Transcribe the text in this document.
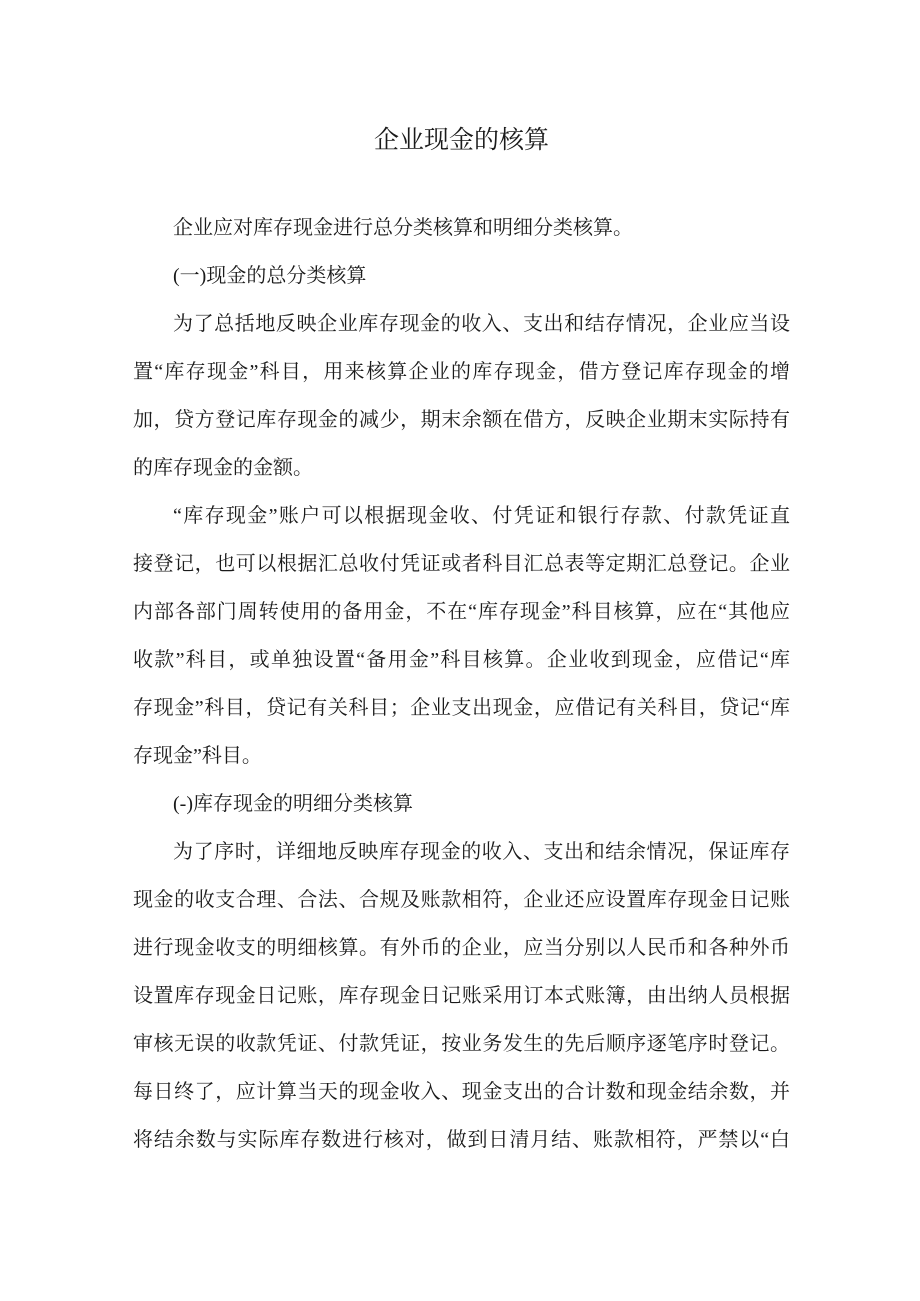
企业现金的核算

企业应对库存现金进行总分类核算和明细分类核算。

(一)现金的总分类核算

为了总括地反映企业库存现金的收入、支出和结存情况，企业应当设

置“库存现金”科目，用来核算企业的库存现金，借方登记库存现金的增

加，贷方登记库存现金的减少，期末余额在借方，反映企业期末实际持有

的库存现金的金额。

“库存现金”账户可以根据现金收、付凭证和银行存款、付款凭证直

接登记，也可以根据汇总收付凭证或者科目汇总表等定期汇总登记。企业

内部各部门周转使用的备用金，不在“库存现金”科目核算，应在“其他应

收款”科目，或单独设置“备用金”科目核算。企业收到现金，应借记“库

存现金”科目，贷记有关科目；企业支出现金，应借记有关科目，贷记“库

存现金”科目。

(-)库存现金的明细分类核算

为了序时，详细地反映库存现金的收入、支出和结余情况，保证库存

现金的收支合理、合法、合规及账款相符，企业还应设置库存现金日记账

进行现金收支的明细核算。有外币的企业，应当分别以人民币和各种外币

设置库存现金日记账，库存现金日记账采用订本式账簿，由出纳人员根据

审核无误的收款凭证、付款凭证，按业务发生的先后顺序逐笔序时登记。

每日终了，应计算当天的现金收入、现金支出的合计数和现金结余数，并

将结余数与实际库存数进行核对，做到日清月结、账款相符，严禁以“白
